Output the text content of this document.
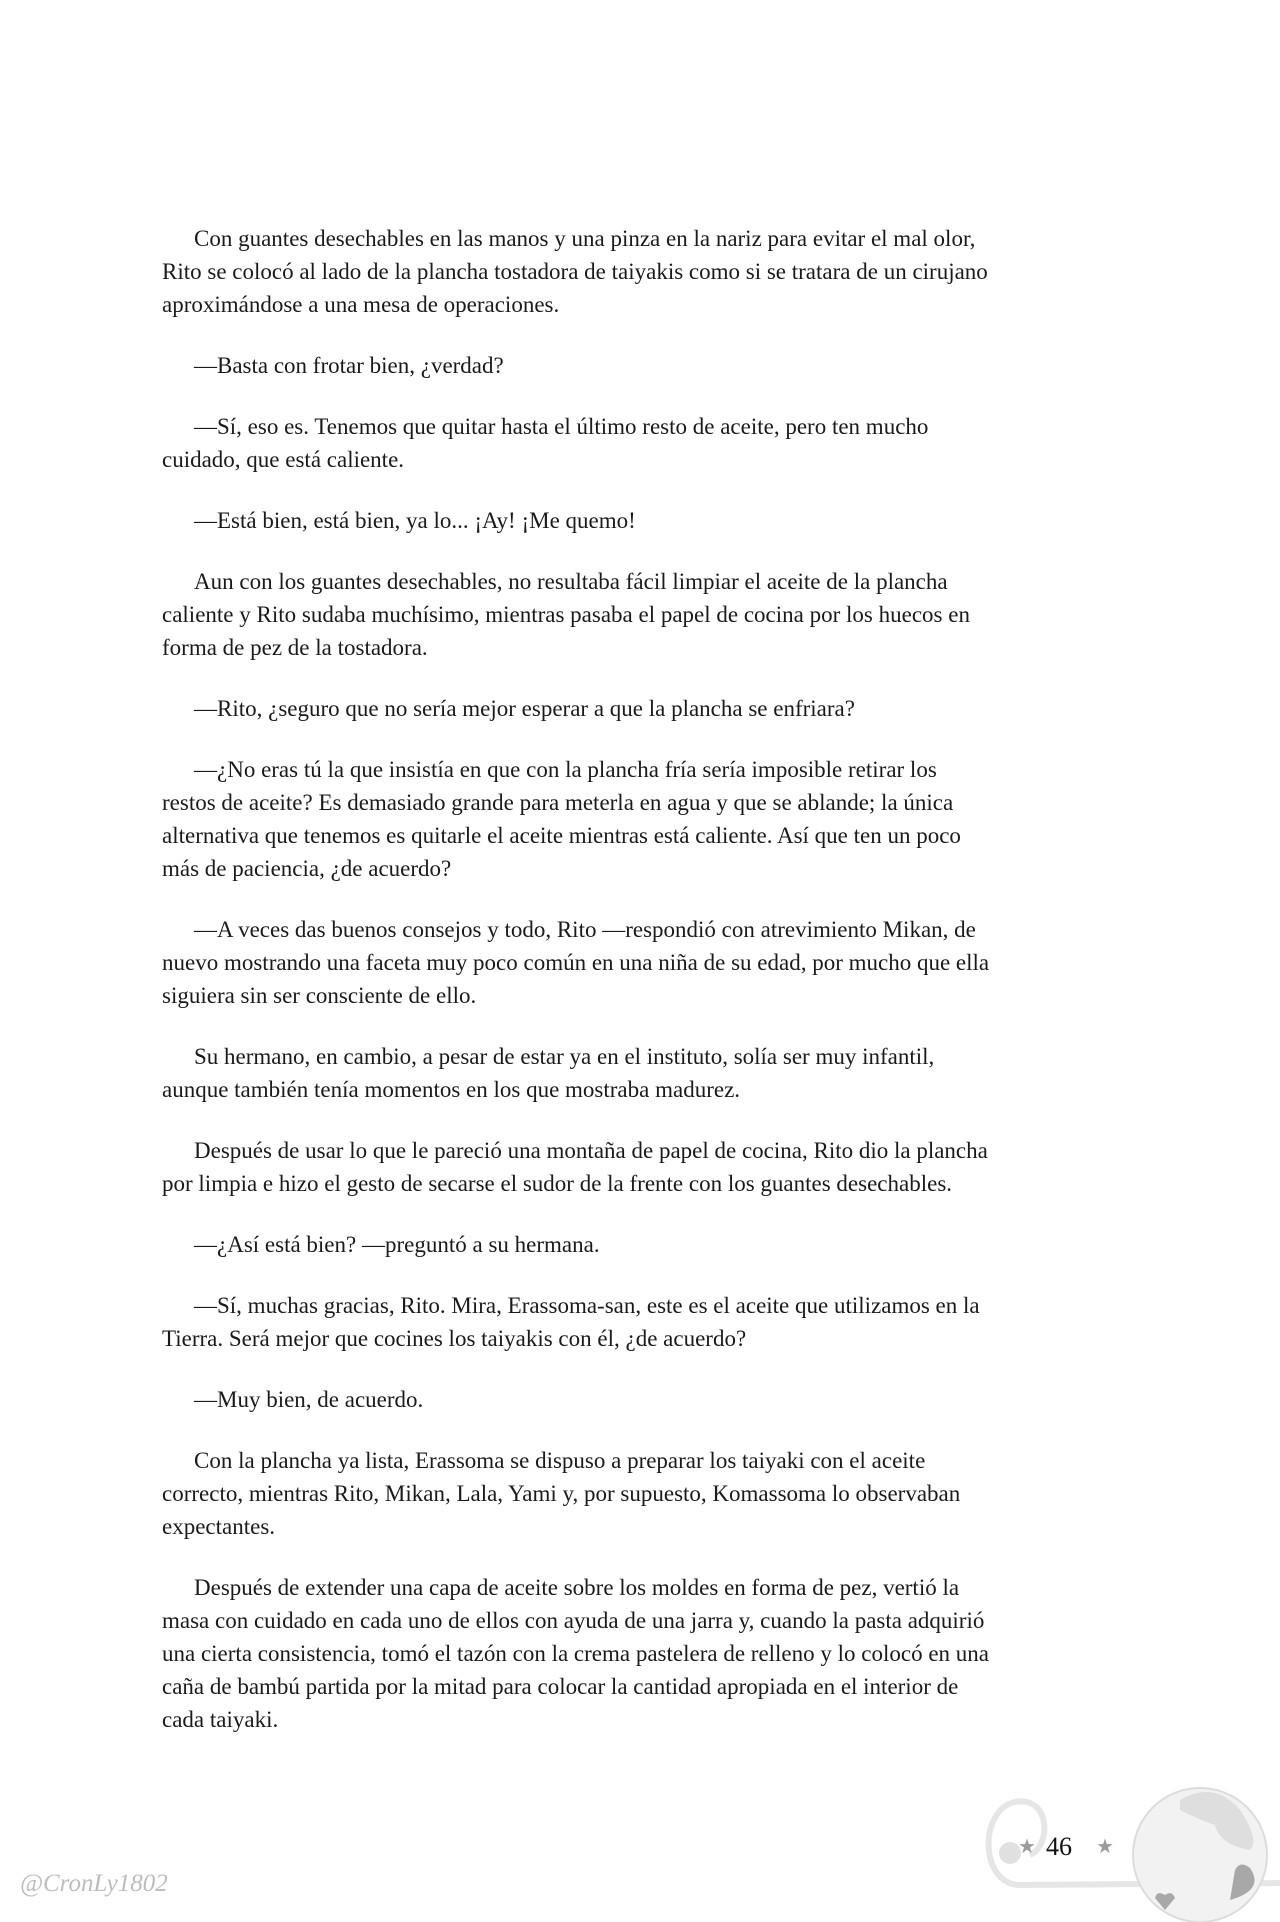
Con guantes desechables en las manos y una pinza en la nariz para evitar el mal olor,
Rito se colocó al lado de la plancha tostadora de taiyakis como si se tratara de un cirujano
aproximándose a una mesa de operaciones.

—Basta con frotar bien, ¿verdad?

—Sí, eso es. Tenemos que quitar hasta el último resto de aceite, pero ten mucho
cuidado, que está caliente.

—Está bien, está bien, ya lo... ¡Ay! ¡Me quemo!

Aun con los guantes desechables, no resultaba fácil limpiar el aceite de la plancha
caliente y Rito sudaba muchísimo, mientras pasaba el papel de cocina por los huecos en
forma de pez de la tostadora.

—Rito, ¿seguro que no sería mejor esperar a que la plancha se enfriara?

—¿No eras tú la que insistía en que con la plancha fría sería imposible retirar los
restos de aceite? Es demasiado grande para meterla en agua y que se ablande; la única
alternativa que tenemos es quitarle el aceite mientras está caliente. Así que ten un poco
más de paciencia, ¿de acuerdo?

—A veces das buenos consejos y todo, Rito —respondió con atrevimiento Mikan, de
nuevo mostrando una faceta muy poco común en una niña de su edad, por mucho que ella
siguiera sin ser consciente de ello.

Su hermano, en cambio, a pesar de estar ya en el instituto, solía ser muy infantil,
aunque también tenía momentos en los que mostraba madurez.

Después de usar lo que le pareció una montaña de papel de cocina, Rito dio la plancha
por limpia e hizo el gesto de secarse el sudor de la frente con los guantes desechables.

—¿Así está bien? —preguntó a su hermana.

—Sí, muchas gracias, Rito. Mira, Erassoma-san, este es el aceite que utilizamos en la
Tierra. Será mejor que cocines los taiyakis con él, ¿de acuerdo?

—Muy bien, de acuerdo.

Con la plancha ya lista, Erassoma se dispuso a preparar los taiyaki con el aceite
correcto, mientras Rito, Mikan, Lala, Yami y, por supuesto, Komassoma lo observaban
expectantes.

Después de extender una capa de aceite sobre los moldes en forma de pez, vertió la
masa con cuidado en cada uno de ellos con ayuda de una jarra y, cuando la pasta adquirió
una cierta consistencia, tomó el tazón con la crema pastelera de relleno y lo colocó en una
caña de bambú partida por la mitad para colocar la cantidad apropiada en el interior de
cada taiyaki.

★ 46 ★
@CronLy1802
